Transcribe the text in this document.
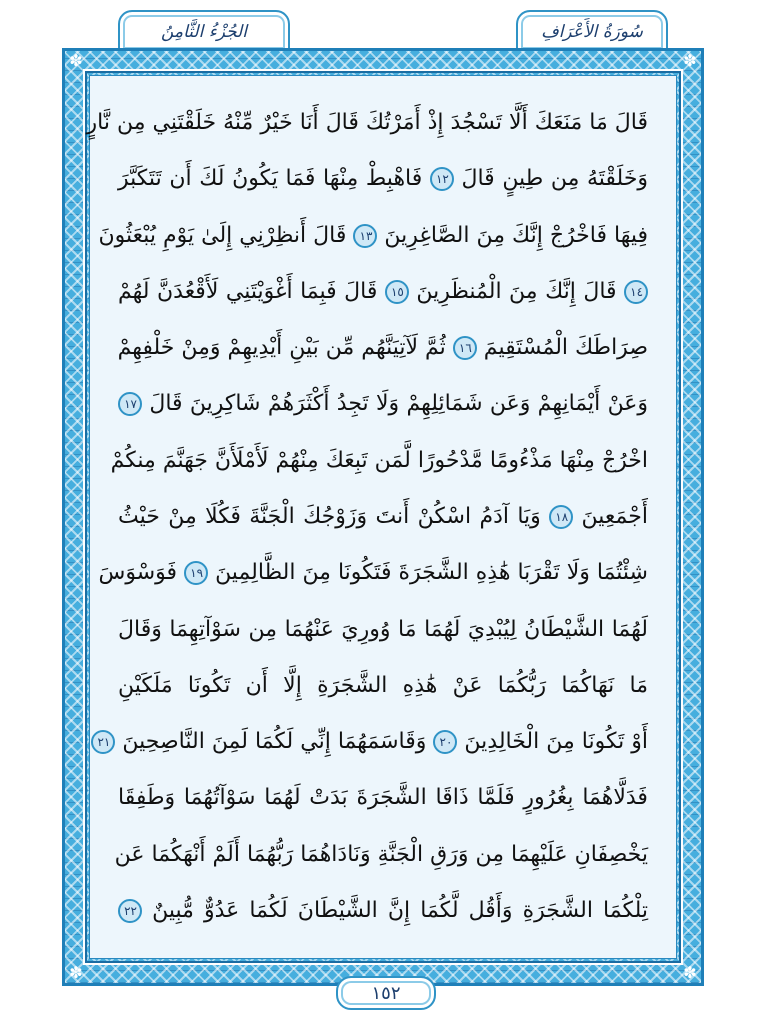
الجُزْءُ الثَّامِنُ	سُورَةُ الأَعْرَافِ
✽	✽
✽	✽
قَالَ مَا مَنَعَكَ أَلَّا تَسْجُدَ إِذْ أَمَرْتُكَ قَالَ أَنَا خَيْرٌ مِّنْهُ خَلَقْتَنِي مِن نَّارٍ
وَخَلَقْتَهُ مِن طِينٍ قَالَ ١٢ فَاهْبِطْ مِنْهَا فَمَا يَكُونُ لَكَ أَن تَتَكَبَّرَ
فِيهَا فَاخْرُجْ إِنَّكَ مِنَ الصَّاغِرِينَ ١٣ قَالَ أَنظِرْنِي إِلَىٰ يَوْمِ يُبْعَثُونَ
١٤ قَالَ إِنَّكَ مِنَ الْمُنظَرِينَ ١٥ قَالَ فَبِمَا أَغْوَيْتَنِي لَأَقْعُدَنَّ لَهُمْ
صِرَاطَكَ الْمُسْتَقِيمَ ١٦ ثُمَّ لَآتِيَنَّهُم مِّن بَيْنِ أَيْدِيهِمْ وَمِنْ خَلْفِهِمْ
وَعَنْ أَيْمَانِهِمْ وَعَن شَمَائِلِهِمْ وَلَا تَجِدُ أَكْثَرَهُمْ شَاكِرِينَ قَالَ ١٧
اخْرُجْ مِنْهَا مَذْءُومًا مَّدْحُورًا لَّمَن تَبِعَكَ مِنْهُمْ لَأَمْلَأَنَّ جَهَنَّمَ مِنكُمْ
أَجْمَعِينَ ١٨ وَيَا آدَمُ اسْكُنْ أَنتَ وَزَوْجُكَ الْجَنَّةَ فَكُلَا مِنْ حَيْثُ
شِئْتُمَا وَلَا تَقْرَبَا هَٰذِهِ الشَّجَرَةَ فَتَكُونَا مِنَ الظَّالِمِينَ ١٩ فَوَسْوَسَ
لَهُمَا الشَّيْطَانُ لِيُبْدِيَ لَهُمَا مَا وُورِيَ عَنْهُمَا مِن سَوْآتِهِمَا وَقَالَ
مَا نَهَاكُمَا رَبُّكُمَا عَنْ هَٰذِهِ الشَّجَرَةِ إِلَّا أَن تَكُونَا مَلَكَيْنِ
أَوْ تَكُونَا مِنَ الْخَالِدِينَ ٢٠ وَقَاسَمَهُمَا إِنِّي لَكُمَا لَمِنَ النَّاصِحِينَ ٢١
فَدَلَّاهُمَا بِغُرُورٍ فَلَمَّا ذَاقَا الشَّجَرَةَ بَدَتْ لَهُمَا سَوْآتُهُمَا وَطَفِقَا
يَخْصِفَانِ عَلَيْهِمَا مِن وَرَقِ الْجَنَّةِ وَنَادَاهُمَا رَبُّهُمَا أَلَمْ أَنْهَكُمَا عَن
تِلْكُمَا الشَّجَرَةِ وَأَقُل لَّكُمَا إِنَّ الشَّيْطَانَ لَكُمَا عَدُوٌّ مُّبِينٌ ٢٢
١٥٢
